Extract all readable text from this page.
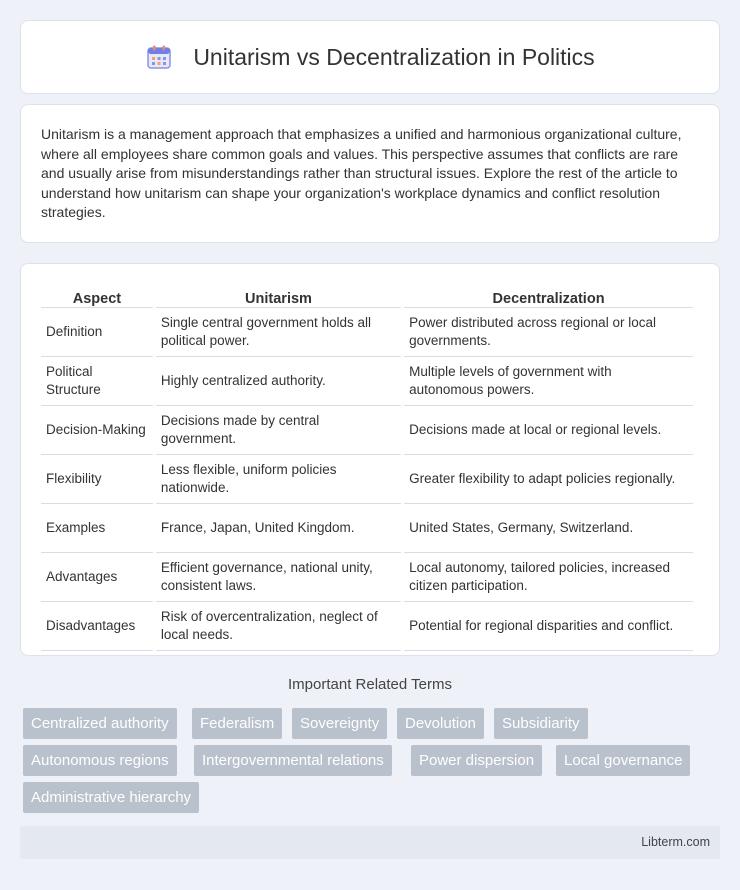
Unitarism vs Decentralization in Politics

Unitarism is a management approach that emphasizes a unified and harmonious organizational culture, where all employees share common goals and values. This perspective assumes that conflicts are rare and usually arise from misunderstandings rather than structural issues. Explore the rest of the article to understand how unitarism can shape your organization's workplace dynamics and conflict resolution strategies.

Aspect	Unitarism	Decentralization
Definition	Single central government holds all political power.	Power distributed across regional or local governments.
Political Structure	Highly centralized authority.	Multiple levels of government with autonomous powers.
Decision-Making	Decisions made by central government.	Decisions made at local or regional levels.
Flexibility	Less flexible, uniform policies nationwide.	Greater flexibility to adapt policies regionally.
Examples	France, Japan, United Kingdom.	United States, Germany, Switzerland.
Advantages	Efficient governance, national unity, consistent laws.	Local autonomy, tailored policies, increased citizen participation.
Disadvantages	Risk of overcentralization, neglect of local needs.	Potential for regional disparities and conflict.
Important Related Terms
Centralized authority	Federalism	Sovereignty	Devolution	Subsidiarity
Autonomous regions	Intergovernmental relations	Power dispersion	Local governance
Administrative hierarchy
Libterm.com
